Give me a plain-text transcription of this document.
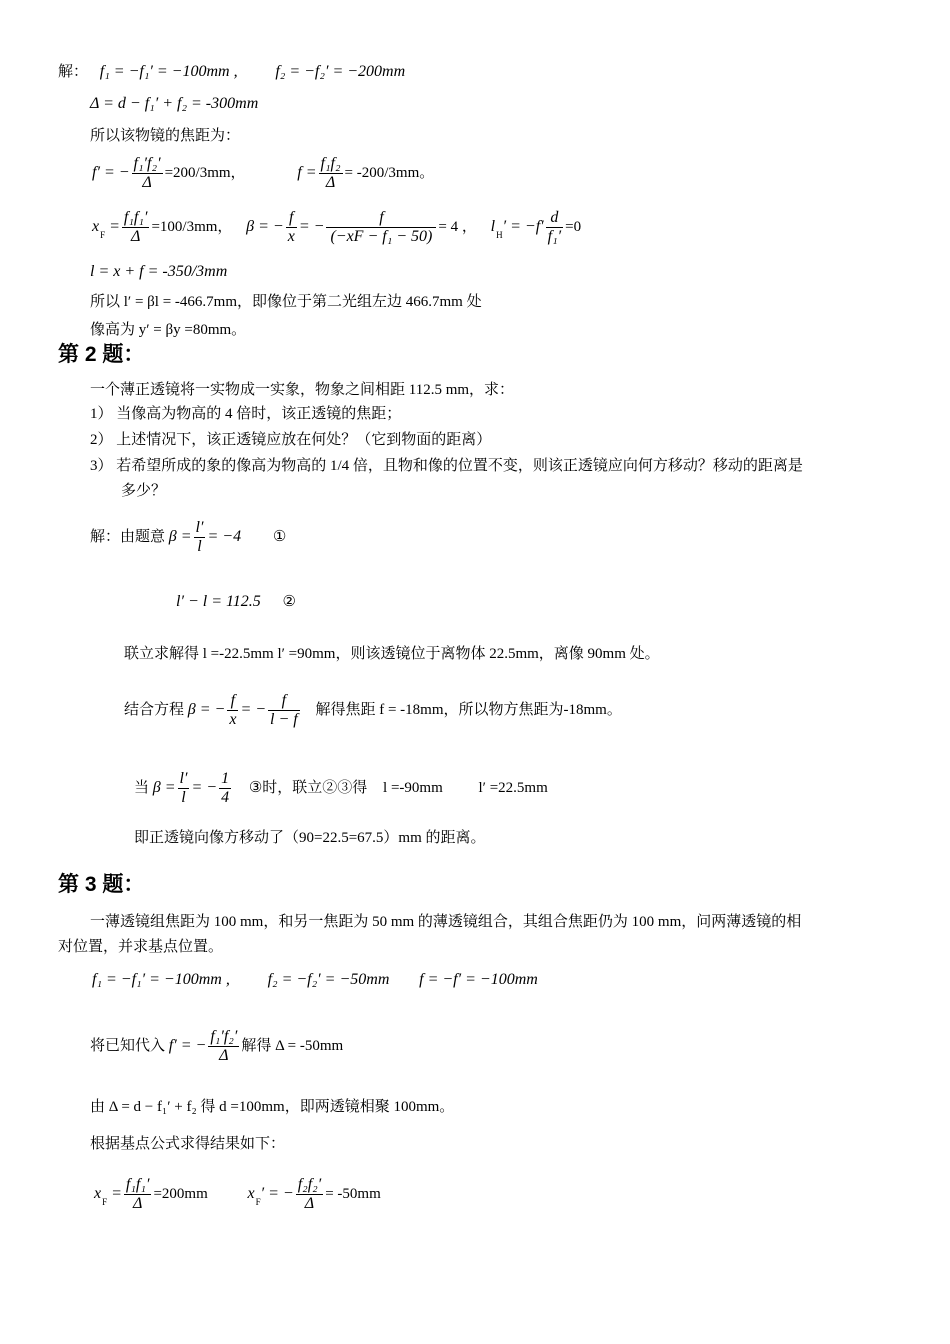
解： f₁ = −f₁′ = −100mm , f₂ = −f₂′ = −200mm
Δ = d − f₁′ + f₂ = -300mm
所以该物镜的焦距为：
f′ = − $\frac{\text{f₁′f₂′}}{\Delta} =200/3mm$，	$f = \frac{\text{f₁f₂}}{\Delta} = -200/3mm$。
$x_F = \frac{\text{f₁f₁′}}{\Delta} =100/3mm$， β = − $\frac{f}{x}$ = − $\frac{f}{\text{(−xF − f₁ − 50)}} = 4$ ， $l_H' = -f' \frac{d}{\text{f₁′}} =0$
l = x + f = -350/3mm
所以 l′ = βl = -466.7mm，即像位于第二光组左边 466.7mm 处
像高为 y′ = βy =80mm。
第 2 题：
一个薄正透镜将一实物成一实象，物象之间相距 112.5 mm，求：
1） 当像高为物高的 4 倍时，该正透镜的焦距；
2） 上述情况下，该正透镜应放在何处？（它到物面的距离）
3） 若希望所成的象的像高为物高的 1/4 倍，且物和像的位置不变，则该正透镜应向何方移动？移动的距离是
多少？
解：由题意 $\beta = \frac{l'}{l} = -4$ ①
l′ − l = 112.5 ②
联立求解得 l =-22.5mm l′ =90mm，则该透镜位于离物体 22.5mm，离像 90mm 处。
结合方程 β = − $\frac{f}{x}$ = − $\frac{f}{l - f}$ 解得焦距 f = -18mm，所以物方焦距为-18mm。
当 $\beta = \frac{l'}{l}$ = − $\frac{1}{4}$ ③时，联立②③得 l =-90mm l′ =22.5mm
即正透镜向像方移动了（90=22.5=67.5）mm 的距离。
第 3 题：
一薄透镜组焦距为 100 mm，和另一焦距为 50 mm 的薄透镜组合，其组合焦距仍为 100 mm，问两薄透镜的相
对位置，并求基点位置。
f₁ = −f₁′ = −100mm , f₂ = −f₂′ = −50mm f = −f′ = −100mm
将已知代入 f′ = − $\frac{\text{f₁′f₂′}}{\Delta}$ 解得 Δ = -50mm
由 Δ = d − f₁′ + f₂ 得 d =100mm，即两透镜相聚 100mm。
根据基点公式求得结果如下：
$x_F = \frac{\text{f₁f₁′}}{\Delta} =200mm$ $x_F'$ = − $\frac{\text{f₂f₂′}}{\Delta} = -50mm$
